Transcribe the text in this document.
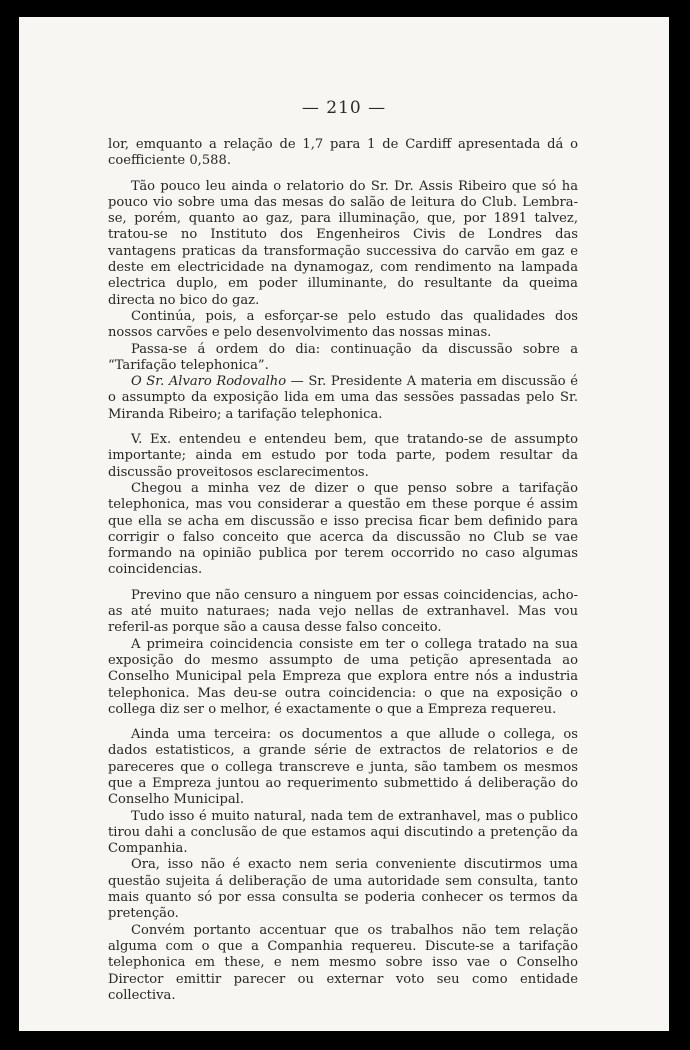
— 210 —

lor, emquanto a relação de 1,7 para 1 de Cardiff apresentada dá o coefficiente 0,588.

Tão pouco leu ainda o relatorio do Sr. Dr. Assis Ribeiro que só ha pouco vio sobre uma das mesas do salão de leitura do Club. Lembra-se, porém, quanto ao gaz, para illuminação, que, por 1891 talvez, tratou-se no Instituto dos Engenheiros Civis de Londres das vantagens praticas da transformação successiva do carvão em gaz e deste em electricidade na dynamogaz, com rendimento na lampada electrica duplo, em poder illuminante, do resultante da queima directa no bico do gaz.

Continúa, pois, a esforçar-se pelo estudo das qualidades dos nossos carvões e pelo desenvolvimento das nossas minas.

Passa-se á ordem do dia: continuação da discussão sobre a “Tarifação telephonica”.

O Sr. Alvaro Rodovalho — Sr. Presidente A materia em discussão é o assumpto da exposição lida em uma das sessões passadas pelo Sr. Miranda Ribeiro; a tarifação telephonica.

V. Ex. entendeu e entendeu bem, que tratando-se de assumpto importante; ainda em estudo por toda parte, podem resultar da discussão proveitosos esclarecimentos.

Chegou a minha vez de dizer o que penso sobre a tarifação telephonica, mas vou considerar a questão em these porque é assim que ella se acha em discussão e isso precisa ficar bem definido para corrigir o falso conceito que acerca da discussão no Club se vae formando na opinião publica por terem occorrido no caso algumas coincidencias.

Previno que não censuro a ninguem por essas coincidencias, acho-as até muito naturaes; nada vejo nellas de extranhavel. Mas vou referil-as porque são a causa desse falso conceito.

A primeira coincidencia consiste em ter o collega tratado na sua exposição do mesmo assumpto de uma petição apresentada ao Conselho Municipal pela Empreza que explora entre nós a industria telephonica. Mas deu-se outra coincidencia: o que na exposição o collega diz ser o melhor, é exactamente o que a Empreza requereu.

Ainda uma terceira: os documentos a que allude o collega, os dados estatisticos, a grande série de extractos de relatorios e de pareceres que o collega transcreve e junta, são tambem os mesmos que a Empreza juntou ao requerimento submettido á deliberação do Conselho Municipal.

Tudo isso é muito natural, nada tem de extranhavel, mas o publico tirou dahi a conclusão de que estamos aqui discutindo a pretenção da Companhia.

Ora, isso não é exacto nem seria conveniente discutirmos uma questão sujeita á deliberação de uma autoridade sem consulta, tanto mais quanto só por essa consulta se poderia conhecer os termos da pretenção.

Convém portanto accentuar que os trabalhos não tem relação alguma com o que a Companhia requereu. Discute-se a tarifação telephonica em these, e nem mesmo sobre isso vae o Conselho Director emittir parecer ou externar voto seu como entidade collectiva.
